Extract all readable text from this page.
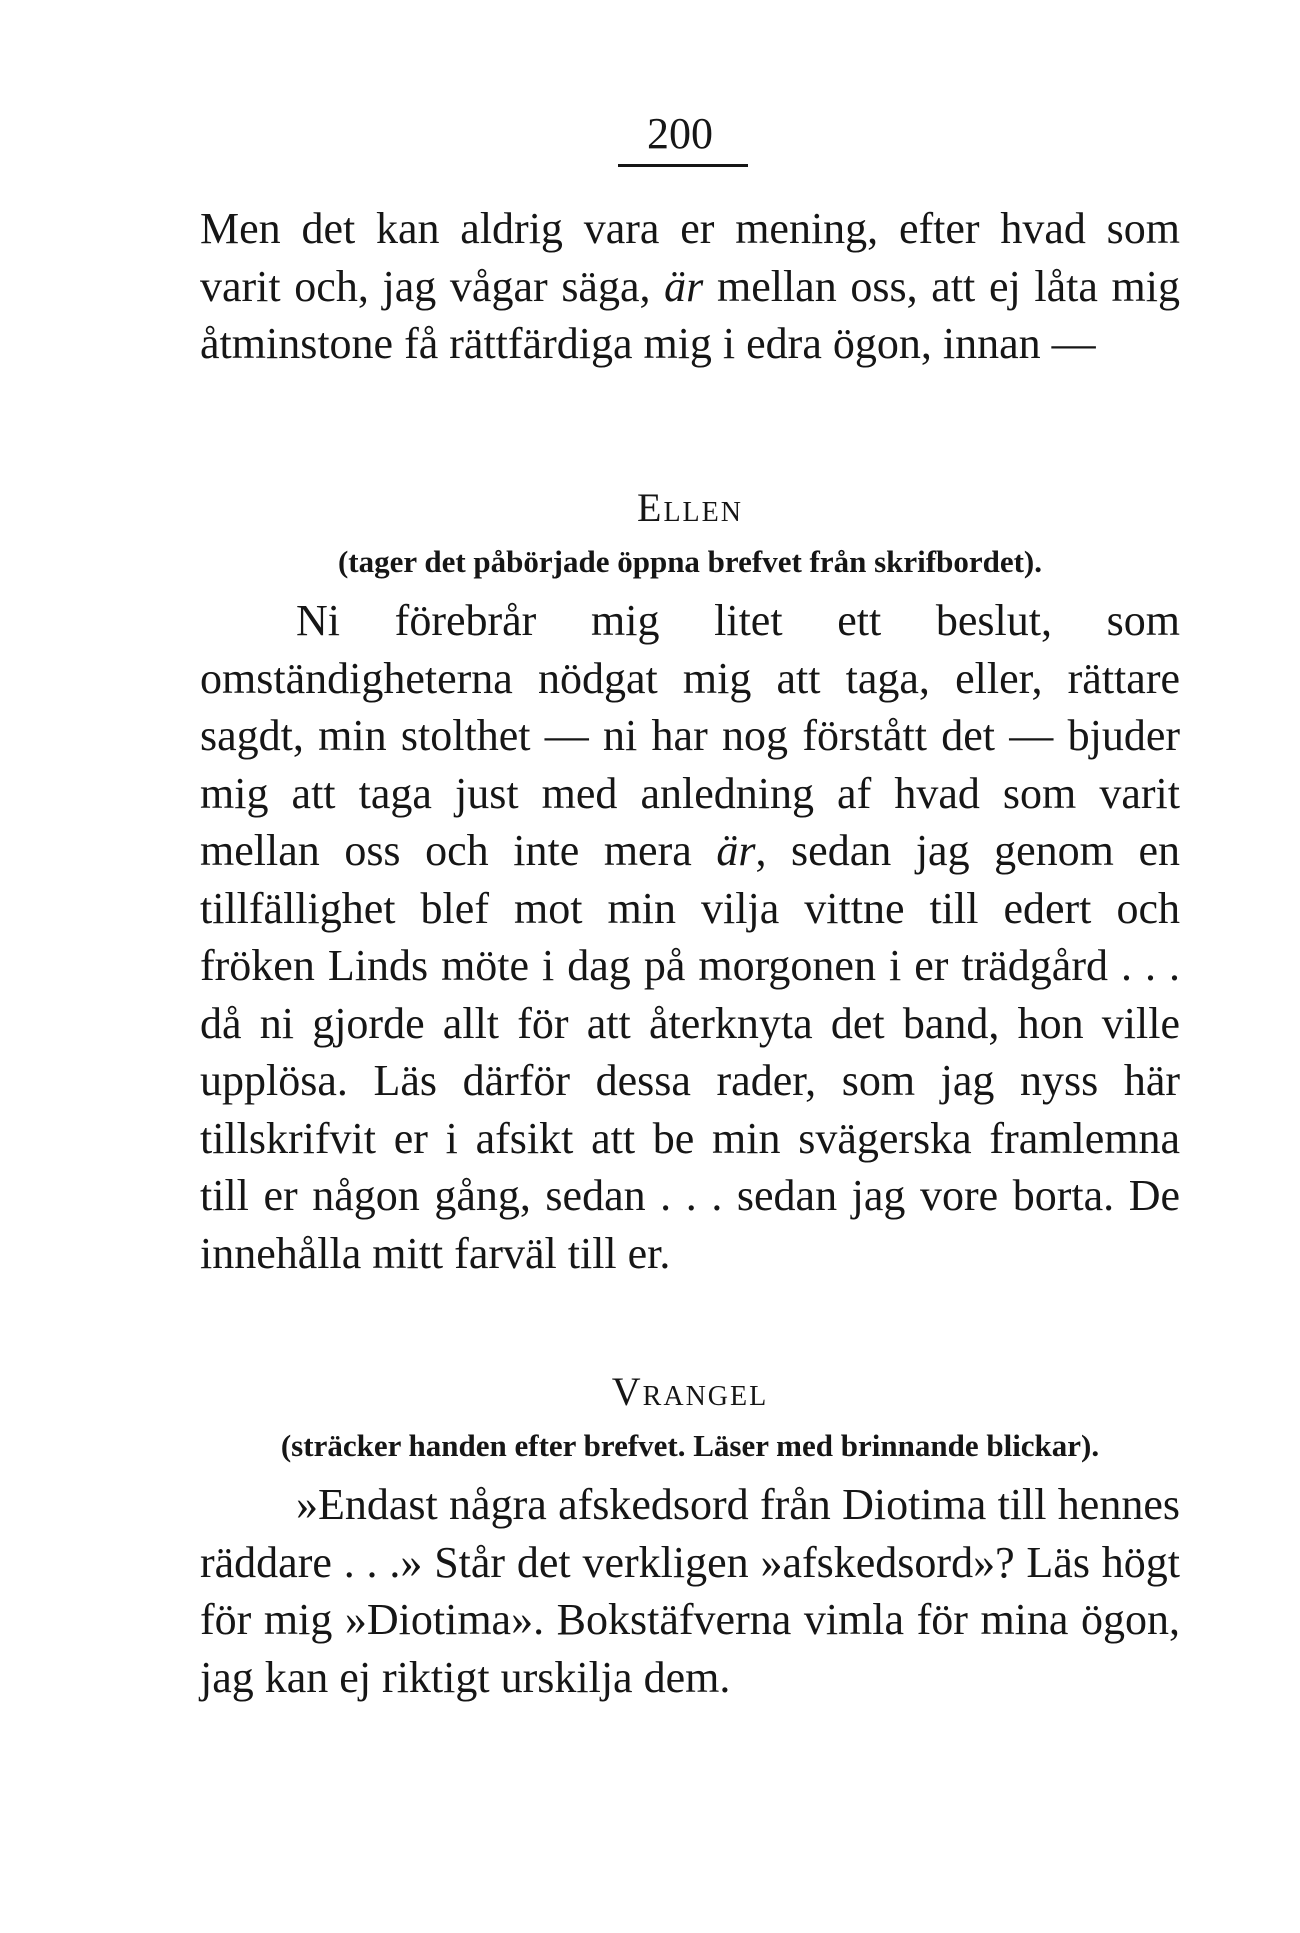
200

Men det kan aldrig vara er mening, efter hvad som varit och, jag vågar säga, är mellan oss, att ej låta mig åtminstone få rättfärdiga mig i edra ögon, innan —

Ellen
(tager det påbörjade öppna brefvet från skrifbordet).

Ni förebrår mig litet ett beslut, som omständigheterna nödgat mig att taga, eller, rättare sagdt, min stolthet — ni har nog förstått det — bjuder mig att taga just med anledning af hvad som varit mellan oss och inte mera är, sedan jag genom en tillfällighet blef mot min vilja vittne till edert och fröken Linds möte i dag på morgonen i er trädgård . . . då ni gjorde allt för att återknyta det band, hon ville upplösa. Läs därför dessa rader, som jag nyss här tillskrifvit er i afsikt att be min svägerska framlemna till er någon gång, sedan . . . sedan jag vore borta. De innehålla mitt farväl till er.

Vrangel
(sträcker handen efter brefvet. Läser med brinnande blickar).

»Endast några afskedsord från Diotima till hennes räddare . . .» Står det verkligen »afskedsord»? Läs högt för mig »Diotima». Bokstäfverna vimla för mina ögon, jag kan ej riktigt urskilja dem.
